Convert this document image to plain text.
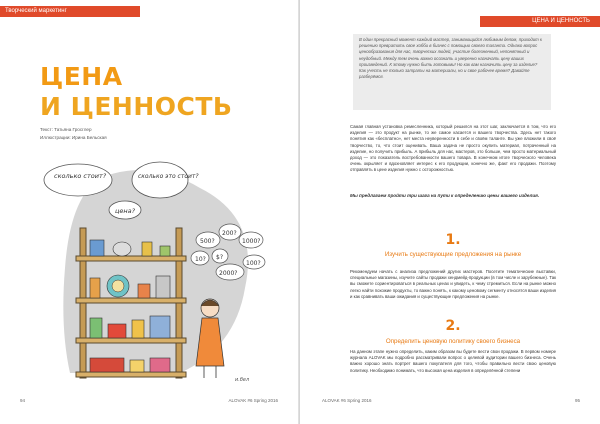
Творческий маркетинг
ЦЕНА
И ЦЕННОСТЬ
Текст: Татьяна Гросглер
Иллюстрации: Ирина Бельская
сколько стоит?	сколько это стоит?
цена?
500?
200?
1000?
10? $?
2000?
100?
и.бел
94	ALOVAK #6 Spring 2016
ЦЕНА И ЦЕННОСТЬ
В один прекрасный момент каждый мастер, занимающийся любимым делом, приходит к решению превратить свое хобби в бизнес с помощью своего таланта. Однако вопрос ценообразования для нас, творческих людей, участие болезненный, непонятный и неудобный. Между тем очень важно осознать и уверенно назначать цену ваших произведений. К этому нужно быть готовыми! Но как вам назначить цену за изделие? Как учесть не только затраты на материалы, но и свое рабочее время? Давайте разберёмся.
Самая главная установка ремесленника, который решился на этот шаг, заключается в том, что его изделия — это продукт на рынке, то же самое касается и вашего творчества. Здесь нет такого понятия как «бесплатно», нет места неуверенности в себе и своём таланте. Вы уже вложили в своё творчество, то, что стоит оценивать. Ваша задача не просто окупить материал, потраченный на изделие, но получить прибыль. А прибыль для нас, мастеров, это больше, чем просто материальный доход — это показатель востребованности вашего товара. В конечном итоге творческого человека очень окрыляет и вдохновляет интерес к его продукции, конечно же, факт его продажи. Поэтому отправлять в цене изделия нужно с осторожностью.
Мы предлагаем пройти три шага на пути к определению цены вашего изделия.
1.
Изучить существующие предложения на рынке
Рекомендуем начать с анализа предложений других мастеров. Посетите тематические выставки, специальные магазины, изучите сайты продажи хендмейд-продукции (в том числе и зарубежные). Так вы сможете сориентироваться в реальных ценах и увидеть, к чему стремиться. Если на рынке можно легко найти похожие продукты, то важно понять, к какому ценовому сегменту относятся ваши изделия и как сравнивать ваши ожидания и существующие предложения на рынке.
2.
Определить ценовую политику своего бизнеса
На данном этапе нужно определить, каким образом вы будете вести свои продажи. В первом номере журнала ALOVAK мы подробно рассматривали вопрос о целевой аудитории вашего бизнеса. Очень важно хорошо знать портрет вашего покупателя для того, чтобы правильно вести свою ценовую политику. Необходимо понимать, что высокая цена изделия в определённой степени
ALOVAK #6 Spring 2016	95
